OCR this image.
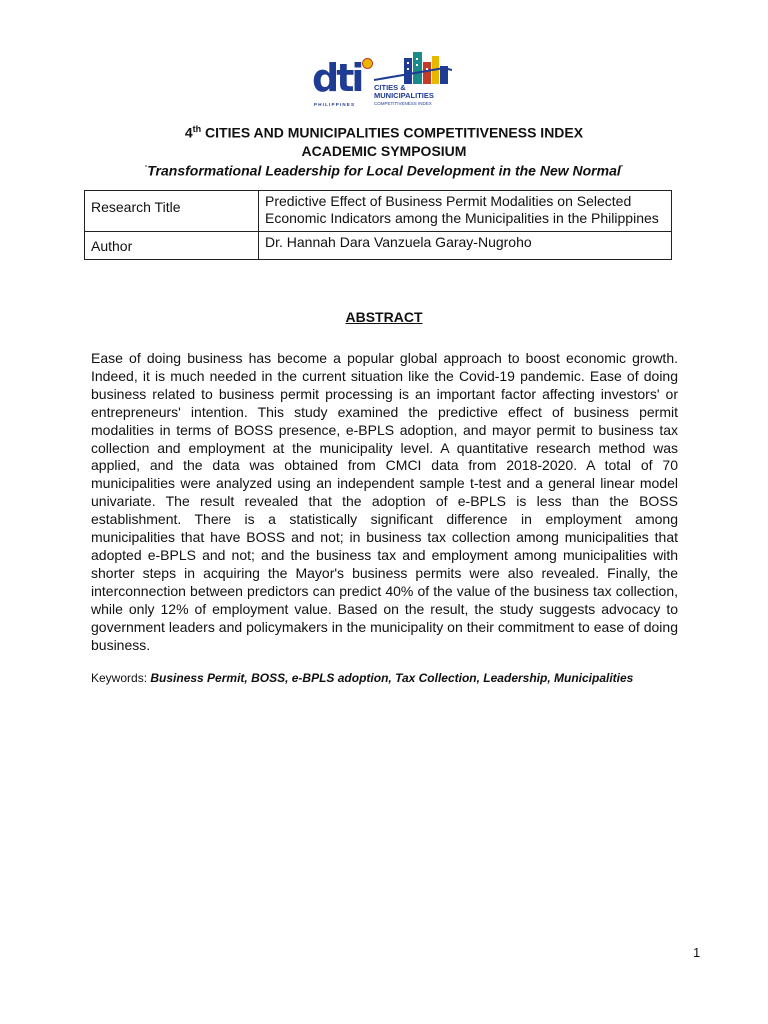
dti
PHILIPPINES
CITIES &
MUNICIPALITIES
COMPETITIVENESS INDEX
4th CITIES AND MUNICIPALITIES COMPETITIVENESS INDEX
ACADEMIC SYMPOSIUM
“Transformational Leadership for Local Development in the New Normal”
Research Title	Predictive Effect of Business Permit Modalities on Selected Economic Indicators among the Municipalities in the Philippines
Author	Dr. Hannah Dara Vanzuela Garay-Nugroho
ABSTRACT
Ease of doing business has become a popular global approach to boost economic growth. Indeed, it is much needed in the current situation like the Covid-19 pandemic. Ease of doing business related to business permit processing is an important factor affecting investors' or entrepreneurs' intention. This study examined the predictive effect of business permit modalities in terms of BOSS presence, e-BPLS adoption, and mayor permit to business tax collection and employment at the municipality level. A quantitative research method was applied, and the data was obtained from CMCI data from 2018-2020. A total of 70 municipalities were analyzed using an independent sample t-test and a general linear model univariate. The result revealed that the adoption of e-BPLS is less than the BOSS establishment. There is a statistically significant difference in employment among municipalities that have BOSS and not; in business tax collection among municipalities that adopted e-BPLS and not; and the business tax and employment among municipalities with shorter steps in acquiring the Mayor's business permits were also revealed. Finally, the interconnection between predictors can predict 40% of the value of the business tax collection, while only 12% of employment value. Based on the result, the study suggests advocacy to government leaders and policymakers in the municipality on their commitment to ease of doing business.
Keywords: Business Permit, BOSS, e-BPLS adoption, Tax Collection, Leadership, Municipalities
1
